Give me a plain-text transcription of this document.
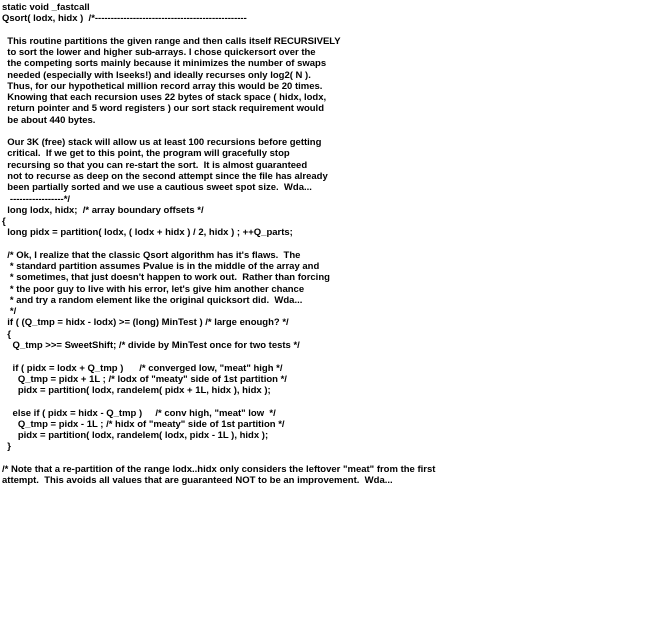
static void _fastcall
Qsort( lodx, hidx )  /*------------------------------------------------
This routine partitions the given range and then calls itself RECURSIVELY
to sort the lower and higher sub-arrays. I chose quickersort over the
the competing sorts mainly because it minimizes the number of swaps
needed (especially with lseeks!) and ideally recurses only log2( N ).
Thus, for our hypothetical million record array this would be 20 times.
Knowing that each recursion uses 22 bytes of stack space ( hidx, lodx,
return pointer and 5 word registers ) our sort stack requirement would
be about 440 bytes.
Our 3K (free) stack will allow us at least 100 recursions before getting
critical.  If we get to this point, the program will gracefully stop
recursing so that you can re-start the sort.  It is almost guaranteed
not to recurse as deep on the second attempt since the file has already
been partially sorted and we use a cautious sweet spot size.  Wda...
-----------------*/
long lodx, hidx;  /* array boundary offsets */
{
long pidx = partition( lodx, ( lodx + hidx ) / 2, hidx ) ; ++Q_parts;
/* Ok, I realize that the classic Qsort algorithm has it's flaws.  The
* standard partition assumes Pvalue is in the middle of the array and
* sometimes, that just doesn't happen to work out.  Rather than forcing
* the poor guy to live with his error, let's give him another chance
* and try a random element like the original quicksort did.  Wda...
*/
if ( (Q_tmp = hidx - lodx) >= (long) MinTest ) /* large enough? */
{
Q_tmp >>= SweetShift; /* divide by MinTest once for two tests */
if ( pidx = lodx + Q_tmp )      /* converged low, "meat" high */
Q_tmp = pidx + 1L ; /* lodx of "meaty" side of 1st partition */
pidx = partition( lodx, randelem( pidx + 1L, hidx ), hidx );
else if ( pidx = hidx - Q_tmp )     /* conv high, "meat" low  */
Q_tmp = pidx - 1L ; /* hidx of "meaty" side of 1st partition */
pidx = partition( lodx, randelem( lodx, pidx - 1L ), hidx );
}
/* Note that a re-partition of the range lodx..hidx only considers the leftover "meat" from the first
attempt.  This avoids all values that are guaranteed NOT to be an improvement.  Wda...
